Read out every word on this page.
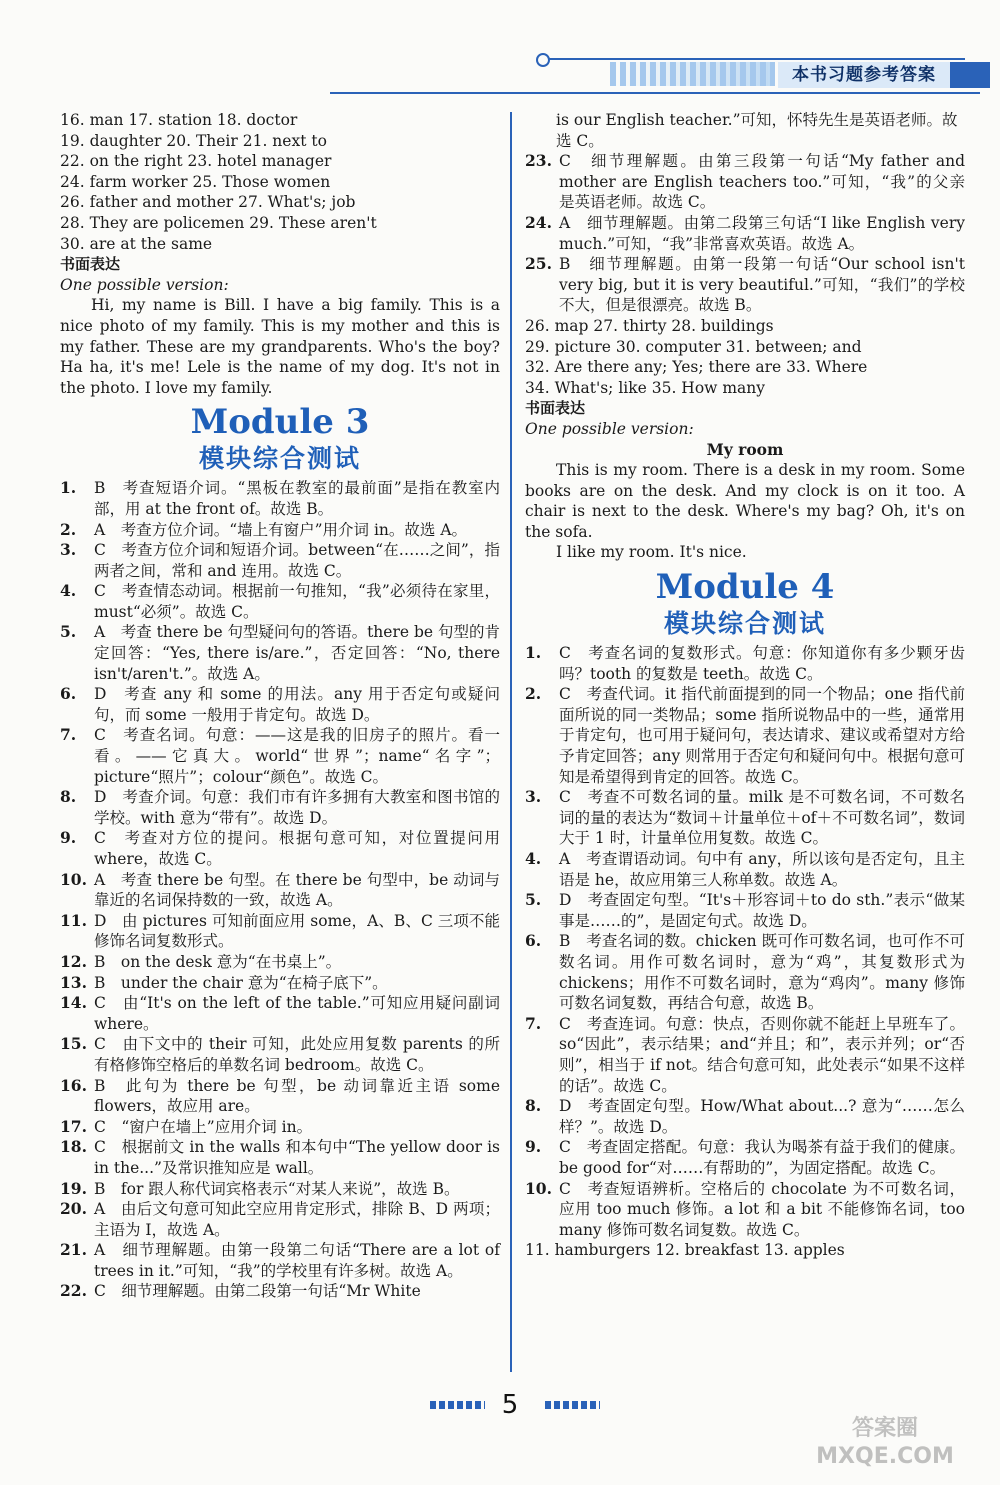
本书习题参考答案
16. man 17. station 18. doctor
19. daughter 20. Their 21. next to
22. on the right 23. hotel manager
24. farm worker 25. Those women
26. father and mother 27. What's; job
28. They are policemen 29. These aren't
30. are at the same
书面表达
One possible version:
Hi, my name is Bill. I have a big family. This is a nice photo of my family. This is my mother and this is my father. These are my grandparents. Who's the boy? Ha ha, it's me! Lele is the name of my dog. It's not in the photo. I love my family.
Module 3
模块综合测试
1.	B　考查短语介词。“黑板在教室的最前面”是指在教室内部，用 at the front of。故选 B。
2.	A　考查方位介词。“墙上有窗户”用介词 in。故选 A。
3.	C　考查方位介词和短语介词。between“在……之间”，指两者之间，常和 and 连用。故选 C。
4.	C　考查情态动词。根据前一句推知，“我”必须待在家里，must“必须”。故选 C。
5.	A　考查 there be 句型疑问句的答语。there be 句型的肯定回答：“Yes, there is/are.”，否定回答：“No, there isn't/aren't.”。故选 A。
6.	D　考查 any 和 some 的用法。any 用于否定句或疑问句，而 some 一般用于肯定句。故选 D。
7.	C　考查名词。句意：——这是我的旧房子的照片。看一看。——它真大。world“世界”；name“名字”；picture“照片”；colour“颜色”。故选 C。
8.	D　考查介词。句意：我们市有许多拥有大教室和图书馆的学校。with 意为“带有”。故选 D。
9.	C　考查对方位的提问。根据句意可知，对位置提问用 where，故选 C。
10. A　考查 there be 句型。在 there be 句型中，be 动词与靠近的名词保持数的一致，故选 A。
11. D　由 pictures 可知前面应用 some，A、B、C 三项不能修饰名词复数形式。
12. B　on the desk 意为“在书桌上”。
13. B　under the chair 意为“在椅子底下”。
14. C　由“It's on the left of the table.”可知应用疑问副词 where。
15. C　由下文中的 their 可知，此处应用复数 parents 的所有格修饰空格后的单数名词 bedroom。故选 C。
16. B　此句为 there be 句型，be 动词靠近主语 some flowers，故应用 are。
17. C　“窗户在墙上”应用介词 in。
18. C　根据前文 in the walls 和本句中“The yellow door is in the...”及常识推知应是 wall。
19. B　for 跟人称代词宾格表示“对某人来说”，故选 B。
20. A　由后文句意可知此空应用肯定形式，排除 B、D 两项；主语为 I，故选 A。
21. A　细节理解题。由第一段第二句话“There are a lot of trees in it.”可知，“我”的学校里有许多树。故选 A。
22. C　细节理解题。由第二段第一句话“Mr White
is our English teacher.”可知，怀特先生是英语老师。故选 C。
23. C　细节理解题。由第三段第一句话“My father and mother are English teachers too.”可知，“我”的父亲是英语老师。故选 C。
24. A　细节理解题。由第二段第三句话“I like English very much.”可知，“我”非常喜欢英语。故选 A。
25. B　细节理解题。由第一段第一句话“Our school isn't very big, but it is very beautiful.”可知，“我们”的学校不大，但是很漂亮。故选 B。
26. map 27. thirty 28. buildings
29. picture 30. computer 31. between; and
32. Are there any; Yes; there are 33. Where
34. What's; like 35. How many
书面表达
One possible version:
My room
This is my room. There is a desk in my room. Some books are on the desk. And my clock is on it too. A chair is next to the desk. Where's my bag? Oh, it's on the sofa.
I like my room. It's nice.
Module 4
模块综合测试
1.	C　考查名词的复数形式。句意：你知道你有多少颗牙齿吗？tooth 的复数是 teeth。故选 C。
2.	C　考查代词。it 指代前面提到的同一个物品；one 指代前面所说的同一类物品；some 指所说物品中的一些，通常用于肯定句，也可用于疑问句，表达请求、建议或希望对方给予肯定回答；any 则常用于否定句和疑问句中。根据句意可知是希望得到肯定的回答。故选 C。
3.	C　考查不可数名词的量。milk 是不可数名词，不可数名词的量的表达为“数词＋计量单位＋of＋不可数名词”，数词大于 1 时，计量单位用复数。故选 C。
4.	A　考查谓语动词。句中有 any，所以该句是否定句，且主语是 he，故应用第三人称单数。故选 A。
5.	D　考查固定句型。“It's＋形容词＋to do sth.”表示“做某事是……的”，是固定句式。故选 D。
6.	B　考查名词的数。chicken 既可作可数名词，也可作不可数名词。用作可数名词时，意为“鸡”，其复数形式为 chickens；用作不可数名词时，意为“鸡肉”。many 修饰可数名词复数，再结合句意，故选 B。
7.	C　考查连词。句意：快点，否则你就不能赶上早班车了。so“因此”，表示结果；and“并且；和”，表示并列；or“否则”，相当于 if not。结合句意可知，此处表示“如果不这样的话”。故选 C。
8.	D　考查固定句型。How/What about...? 意为“……怎么样？”。故选 D。
9.	C　考查固定搭配。句意：我认为喝茶有益于我们的健康。be good for“对……有帮助的”，为固定搭配。故选 C。
10. C　考查短语辨析。空格后的 chocolate 为不可数名词，应用 too much 修饰。a lot 和 a bit 不能修饰名词，too many 修饰可数名词复数。故选 C。
11. hamburgers 12. breakfast 13. apples
5
答案圈
MXQE.COM
